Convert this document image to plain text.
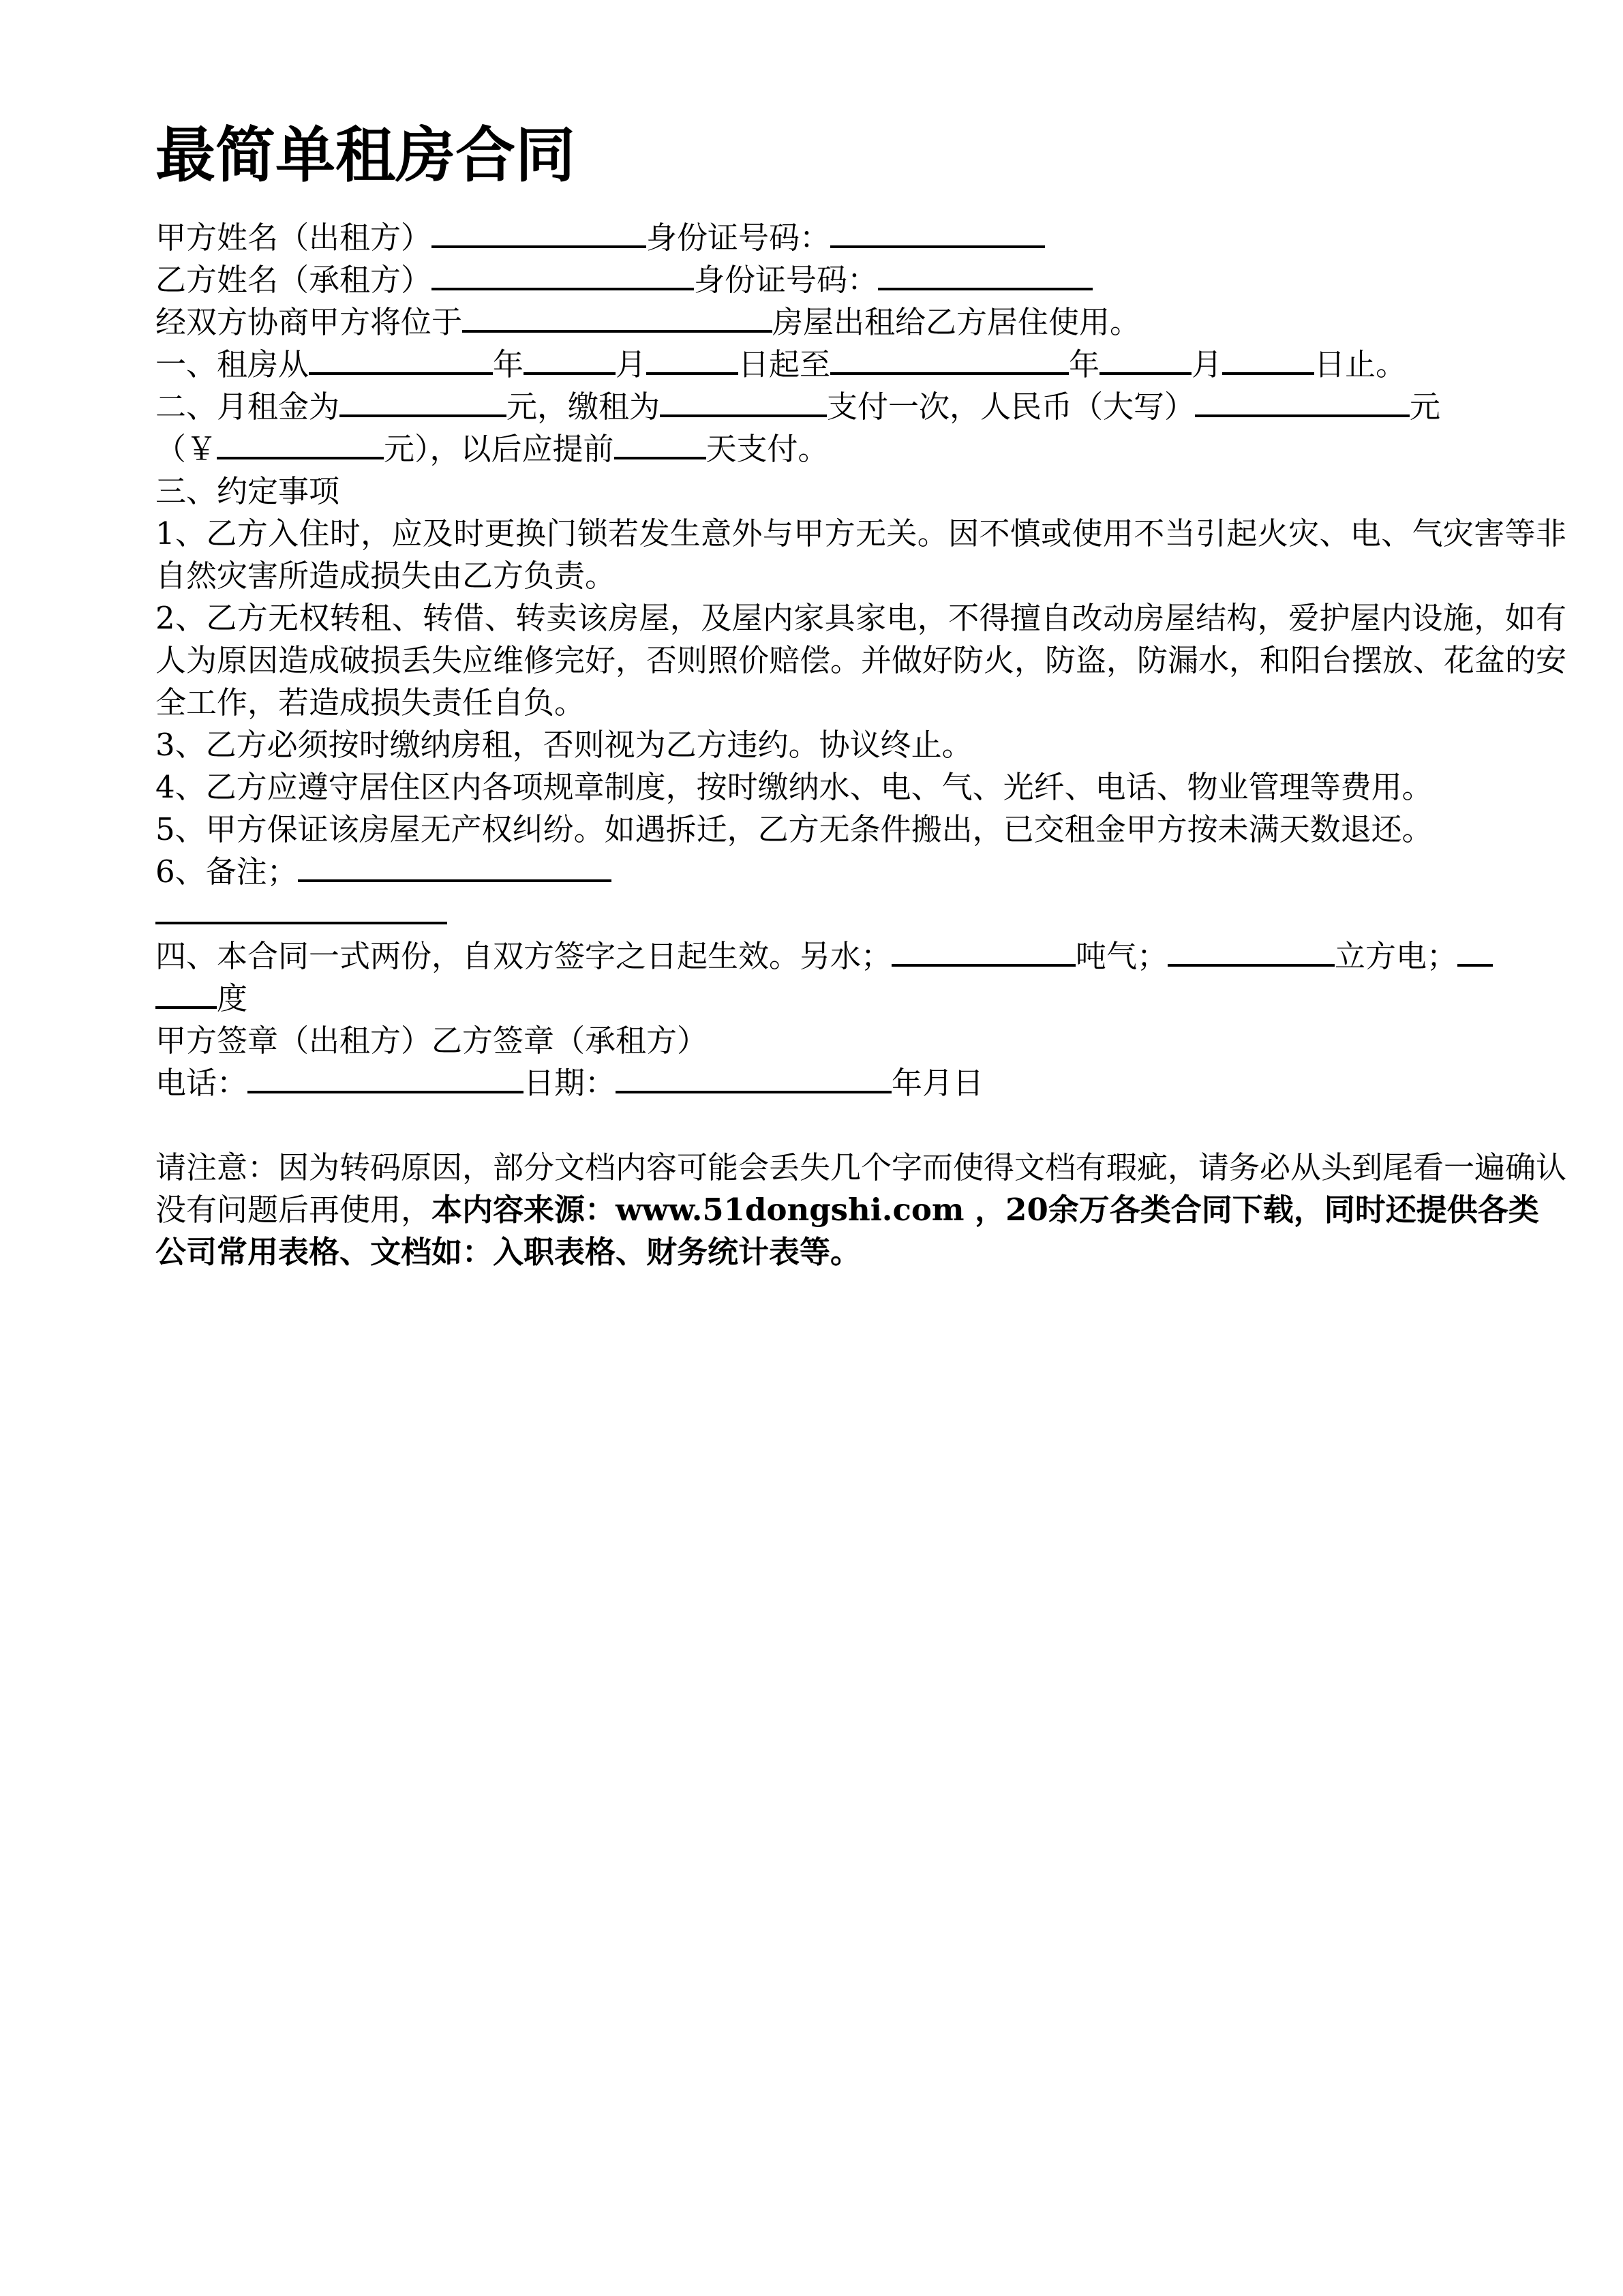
最简单租房合同
甲方姓名（出租方）	身份证号码：
乙方姓名（承租方）	身份证号码：
经双方协商甲方将位于	房屋出租给乙方居住使用。
一、租房从	年	月	日起至	年	月	日止。
二、月租金为	元，缴租为	支付一次，人民币（大写）	元
（￥	元），以后应提前	天支付。
三、约定事项
1、乙方入住时，应及时更换门锁若发生意外与甲方无关。因不慎或使用不当引起火灾、电、气灾害等非自然灾害所造成损失由乙方负责。
2、乙方无权转租、转借、转卖该房屋，及屋内家具家电，不得擅自改动房屋结构，爱护屋内设施，如有人为原因造成破损丢失应维修完好，否则照价赔偿。并做好防火，防盗，防漏水，和阳台摆放、花盆的安全工作，若造成损失责任自负。
3、乙方必须按时缴纳房租，否则视为乙方违约。协议终止。
4、乙方应遵守居住区内各项规章制度，按时缴纳水、电、气、光纤、电话、物业管理等费用。
5、甲方保证该房屋无产权纠纷。如遇拆迁，乙方无条件搬出，已交租金甲方按未满天数退还。
6、备注；
四、本合同一式两份，自双方签字之日起生效。另水；	吨气；	立方电；
度
甲方签章（出租方）乙方签章（承租方）
电话：	日期：	年月日
请注意：因为转码原因，部分文档内容可能会丢失几个字而使得文档有瑕疵，请务必从头到尾看一遍确认没有问题后再使用，本内容来源：www.51dongshi.com ，20余万各类合同下载，同时还提供各类公司常用表格、文档如：入职表格、财务统计表等。
